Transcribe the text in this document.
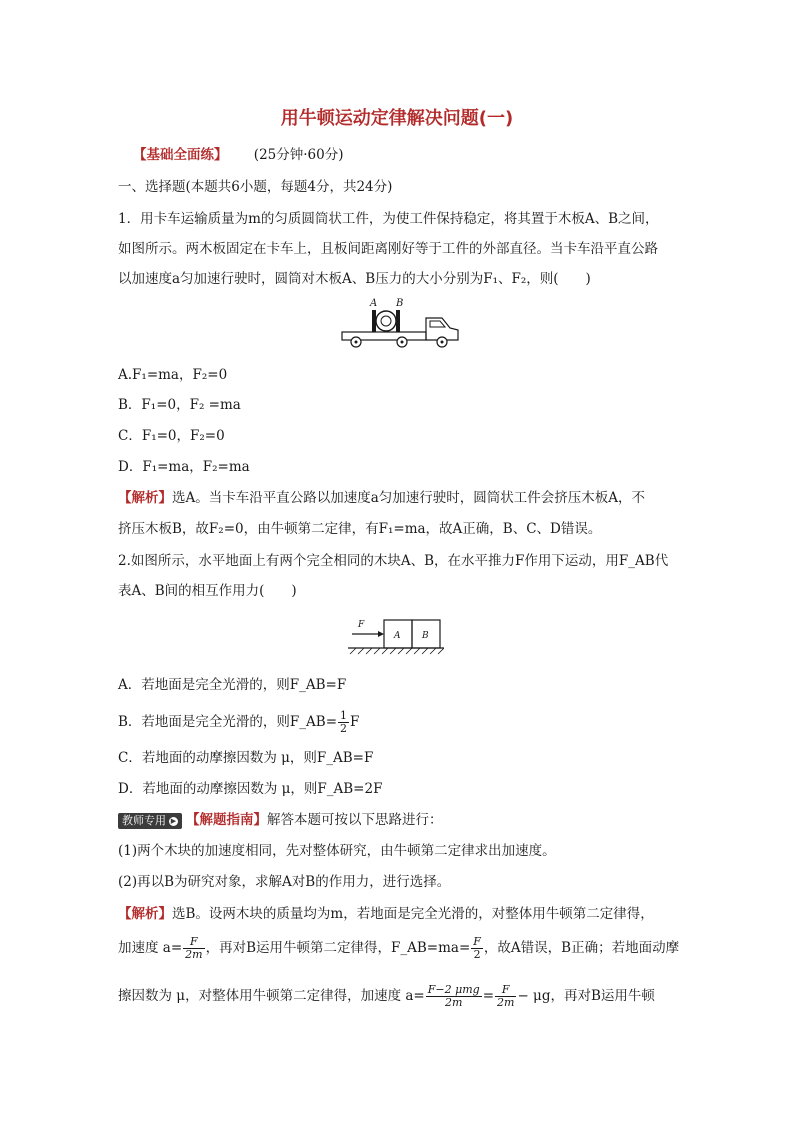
用牛顿运动定律解决问题(一)
【基础全面练】 (25分钟·60分)
一、选择题(本题共6小题，每题4分，共24分)
1．用卡车运输质量为m的匀质圆筒状工件，为使工件保持稳定，将其置于木板A、B之间，
如图所示。两木板固定在卡车上，且板间距离刚好等于工件的外部直径。当卡车沿平直公路
以加速度a匀加速行驶时，圆筒对木板A、B压力的大小分别为F₁、F₂，则(　　)
A B
A.F₁=ma，F₂=0
B．F₁=0，F₂ =ma
C．F₁=0，F₂=0
D．F₁=ma，F₂=ma
【解析】选A。当卡车沿平直公路以加速度a匀加速行驶时，圆筒状工件会挤压木板A，不
挤压木板B，故F₂=0，由牛顿第二定律，有F₁=ma，故A正确，B、C、D错误。
2.如图所示，水平地面上有两个完全相同的木块A、B，在水平推力F作用下运动，用F_AB代
表A、B间的相互作用力(　　)
F
A B
A．若地面是完全光滑的，则F_AB=F
B．若地面是完全光滑的，则F_AB= $\frac{1}{2}$ F
C．若地面的动摩擦因数为 μ，则F_AB=F
D．若地面的动摩擦因数为 μ，则F_AB=2F
教师专用 ▶ 【解题指南】解答本题可按以下思路进行：
(1)两个木块的加速度相同，先对整体研究，由牛顿第二定律求出加速度。
(2)再以B为研究对象，求解A对B的作用力，进行选择。
【解析】选B。设两木块的质量均为m，若地面是完全光滑的，对整体用牛顿第二定律得，
加速度 $a= \frac{F}{2m}$ ，再对B运用牛顿第二定律得，F_AB=ma= $\frac{F}{2}$ ，故A错误，B正确；若地面动摩
擦因数为 μ，对整体用牛顿第二定律得，加速度 $a= \frac{\text{F−2 μmg}}{2m} = \frac{F}{2m} - \mu g$，再对B运用牛顿
